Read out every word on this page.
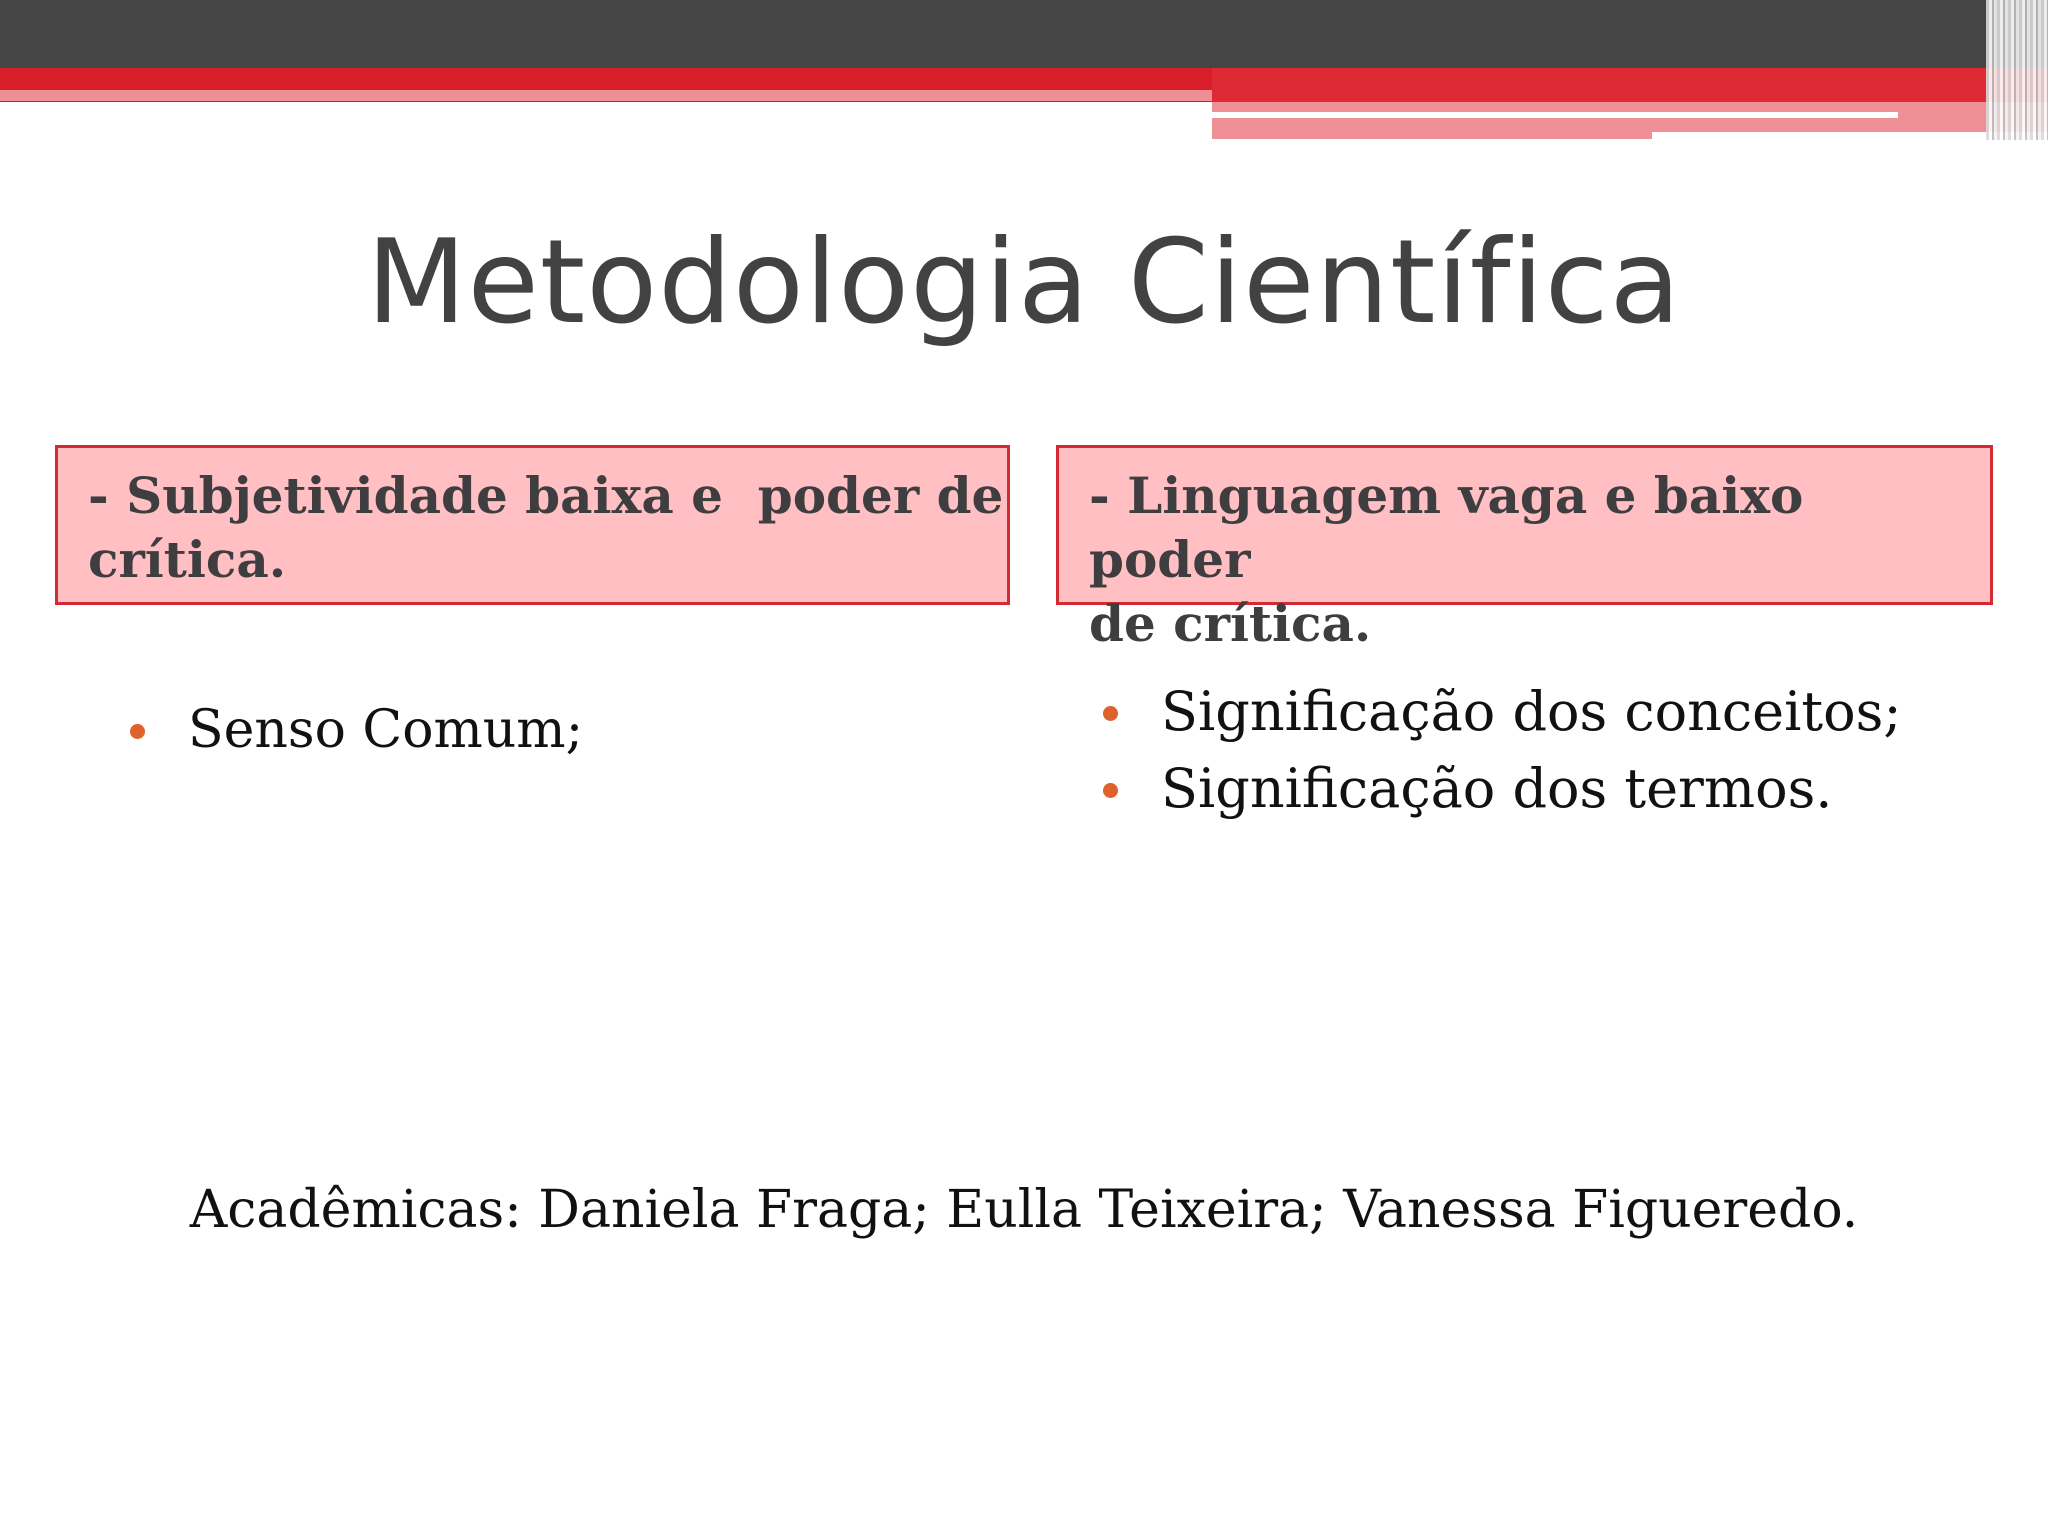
Metodologia Científica
- Subjetividade baixa e  poder de
crítica.
- Linguagem vaga e baixo poder
de crítica.
Senso Comum;	Significação dos conceitos;
Significação dos termos.
Acadêmicas: Daniela Fraga; Eulla Teixeira; Vanessa Figueredo.
